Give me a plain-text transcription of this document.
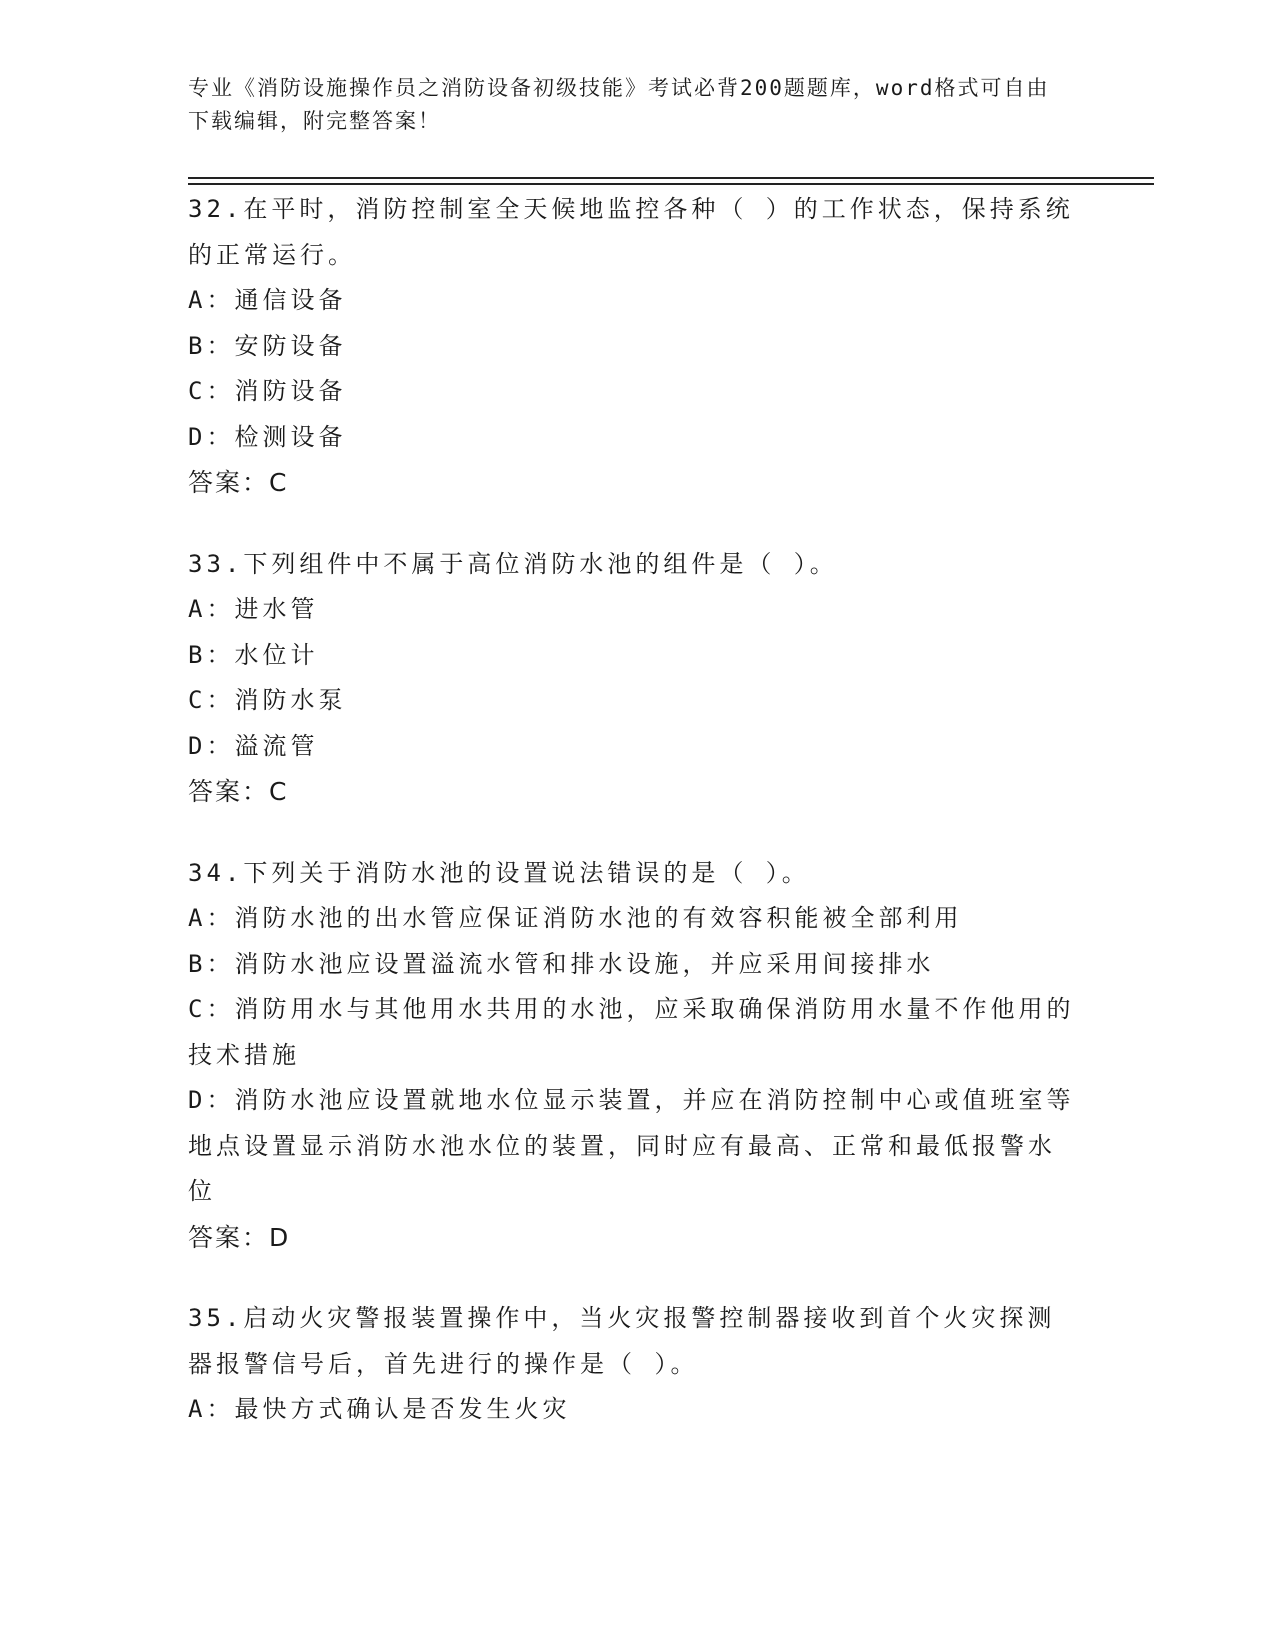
专业《消防设施操作员之消防设备初级技能》考试必背200题题库，word格式可自由下载编辑，附完整答案！

32.在平时，消防控制室全天候地监控各种（ ）的工作状态，保持系统的正常运行。

A：通信设备

B：安防设备

C：消防设备

D：检测设备

答案：C

33.下列组件中不属于高位消防水池的组件是（ ）。

A：进水管

B：水位计

C：消防水泵

D：溢流管

答案：C

34.下列关于消防水池的设置说法错误的是（ ）。

A：消防水池的出水管应保证消防水池的有效容积能被全部利用

B：消防水池应设置溢流水管和排水设施，并应采用间接排水

C：消防用水与其他用水共用的水池，应采取确保消防用水量不作他用的技术措施

D：消防水池应设置就地水位显示装置，并应在消防控制中心或值班室等地点设置显示消防水池水位的装置，同时应有最高、正常和最低报警水位

答案：D

35.启动火灾警报装置操作中，当火灾报警控制器接收到首个火灾探测器报警信号后，首先进行的操作是（ ）。

A：最快方式确认是否发生火灾
